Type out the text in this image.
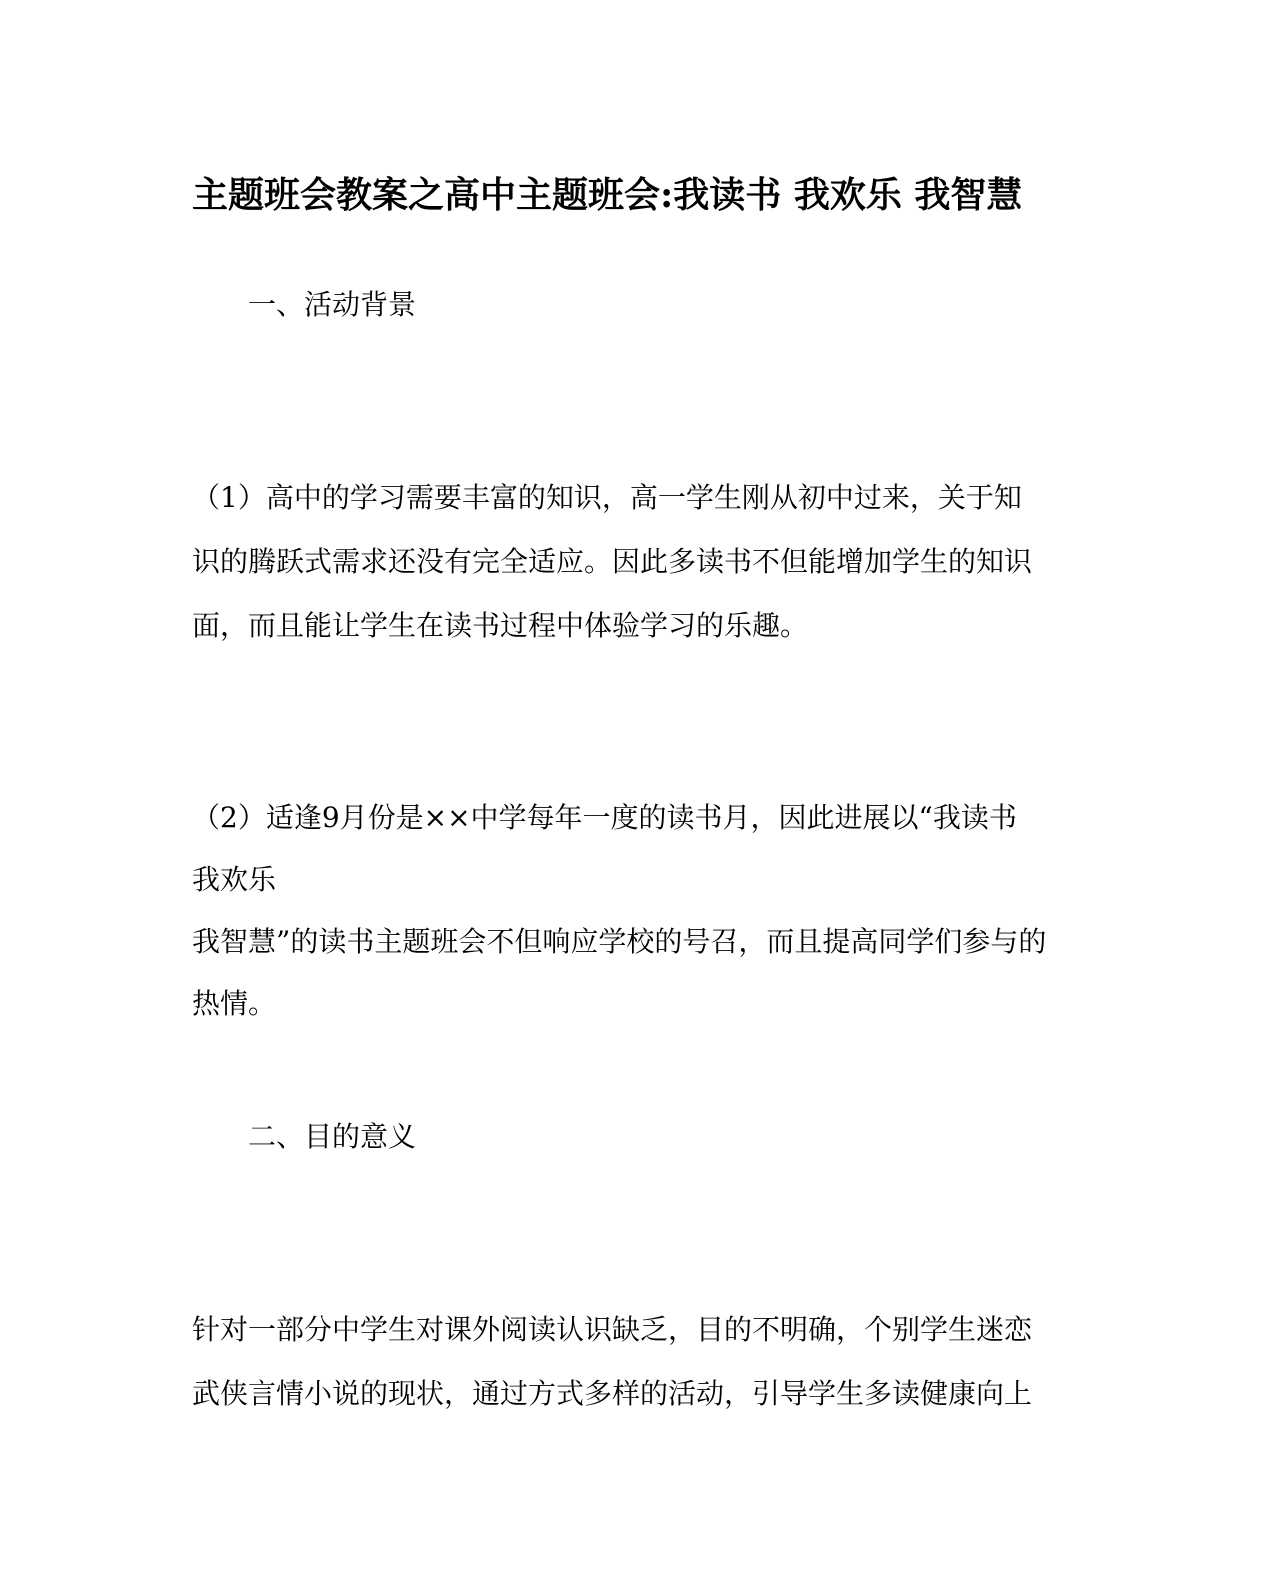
主题班会教案之高中主题班会:我读书 我欢乐 我智慧
一、活动背景
（1）高中的学习需要丰富的知识，高一学生刚从初中过来，关于知
识的腾跃式需求还没有完全适应。因此多读书不但能增加学生的知识
面，而且能让学生在读书过程中体验学习的乐趣。
（2）适逢9月份是××中学每年一度的读书月，因此进展以“我读书
我欢乐
我智慧”的读书主题班会不但响应学校的号召，而且提高同学们参与的
热情。
二、目的意义
针对一部分中学生对课外阅读认识缺乏，目的不明确，个别学生迷恋
武侠言情小说的现状，通过方式多样的活动，引导学生多读健康向上
